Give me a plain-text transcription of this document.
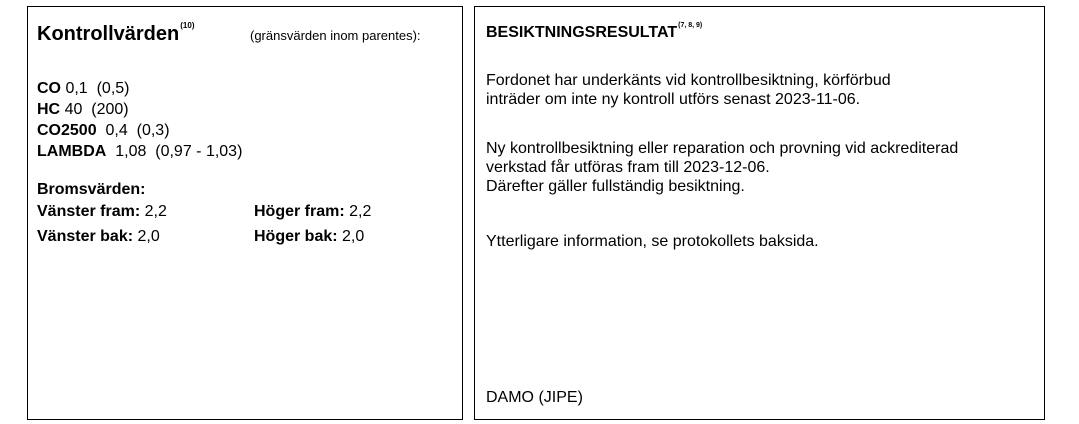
Kontrollvärden$^{(10)}$
(gränsvärden inom parentes):
CO 0,1 (0,5)
HC 40 (200)
CO2500 0,4 (0,3)
LAMBDA 1,08 (0,97 - 1,03)
Bromsvärden:
Vänster fram: 2,2	Höger fram: 2,2
Vänster bak: 2,0	Höger bak: 2,0
BESIKTNINGSRESULTAT$^{(7, 8, 9)}$
Fordonet har underkänts vid kontrollbesiktning, körförbud
inträder om inte ny kontroll utförs senast 2023-11-06.
Ny kontrollbesiktning eller reparation och provning vid ackrediterad
verkstad får utföras fram till 2023-12-06.
Därefter gäller fullständig besiktning.
Ytterligare information, se protokollets baksida.
DAMO (JIPE)
